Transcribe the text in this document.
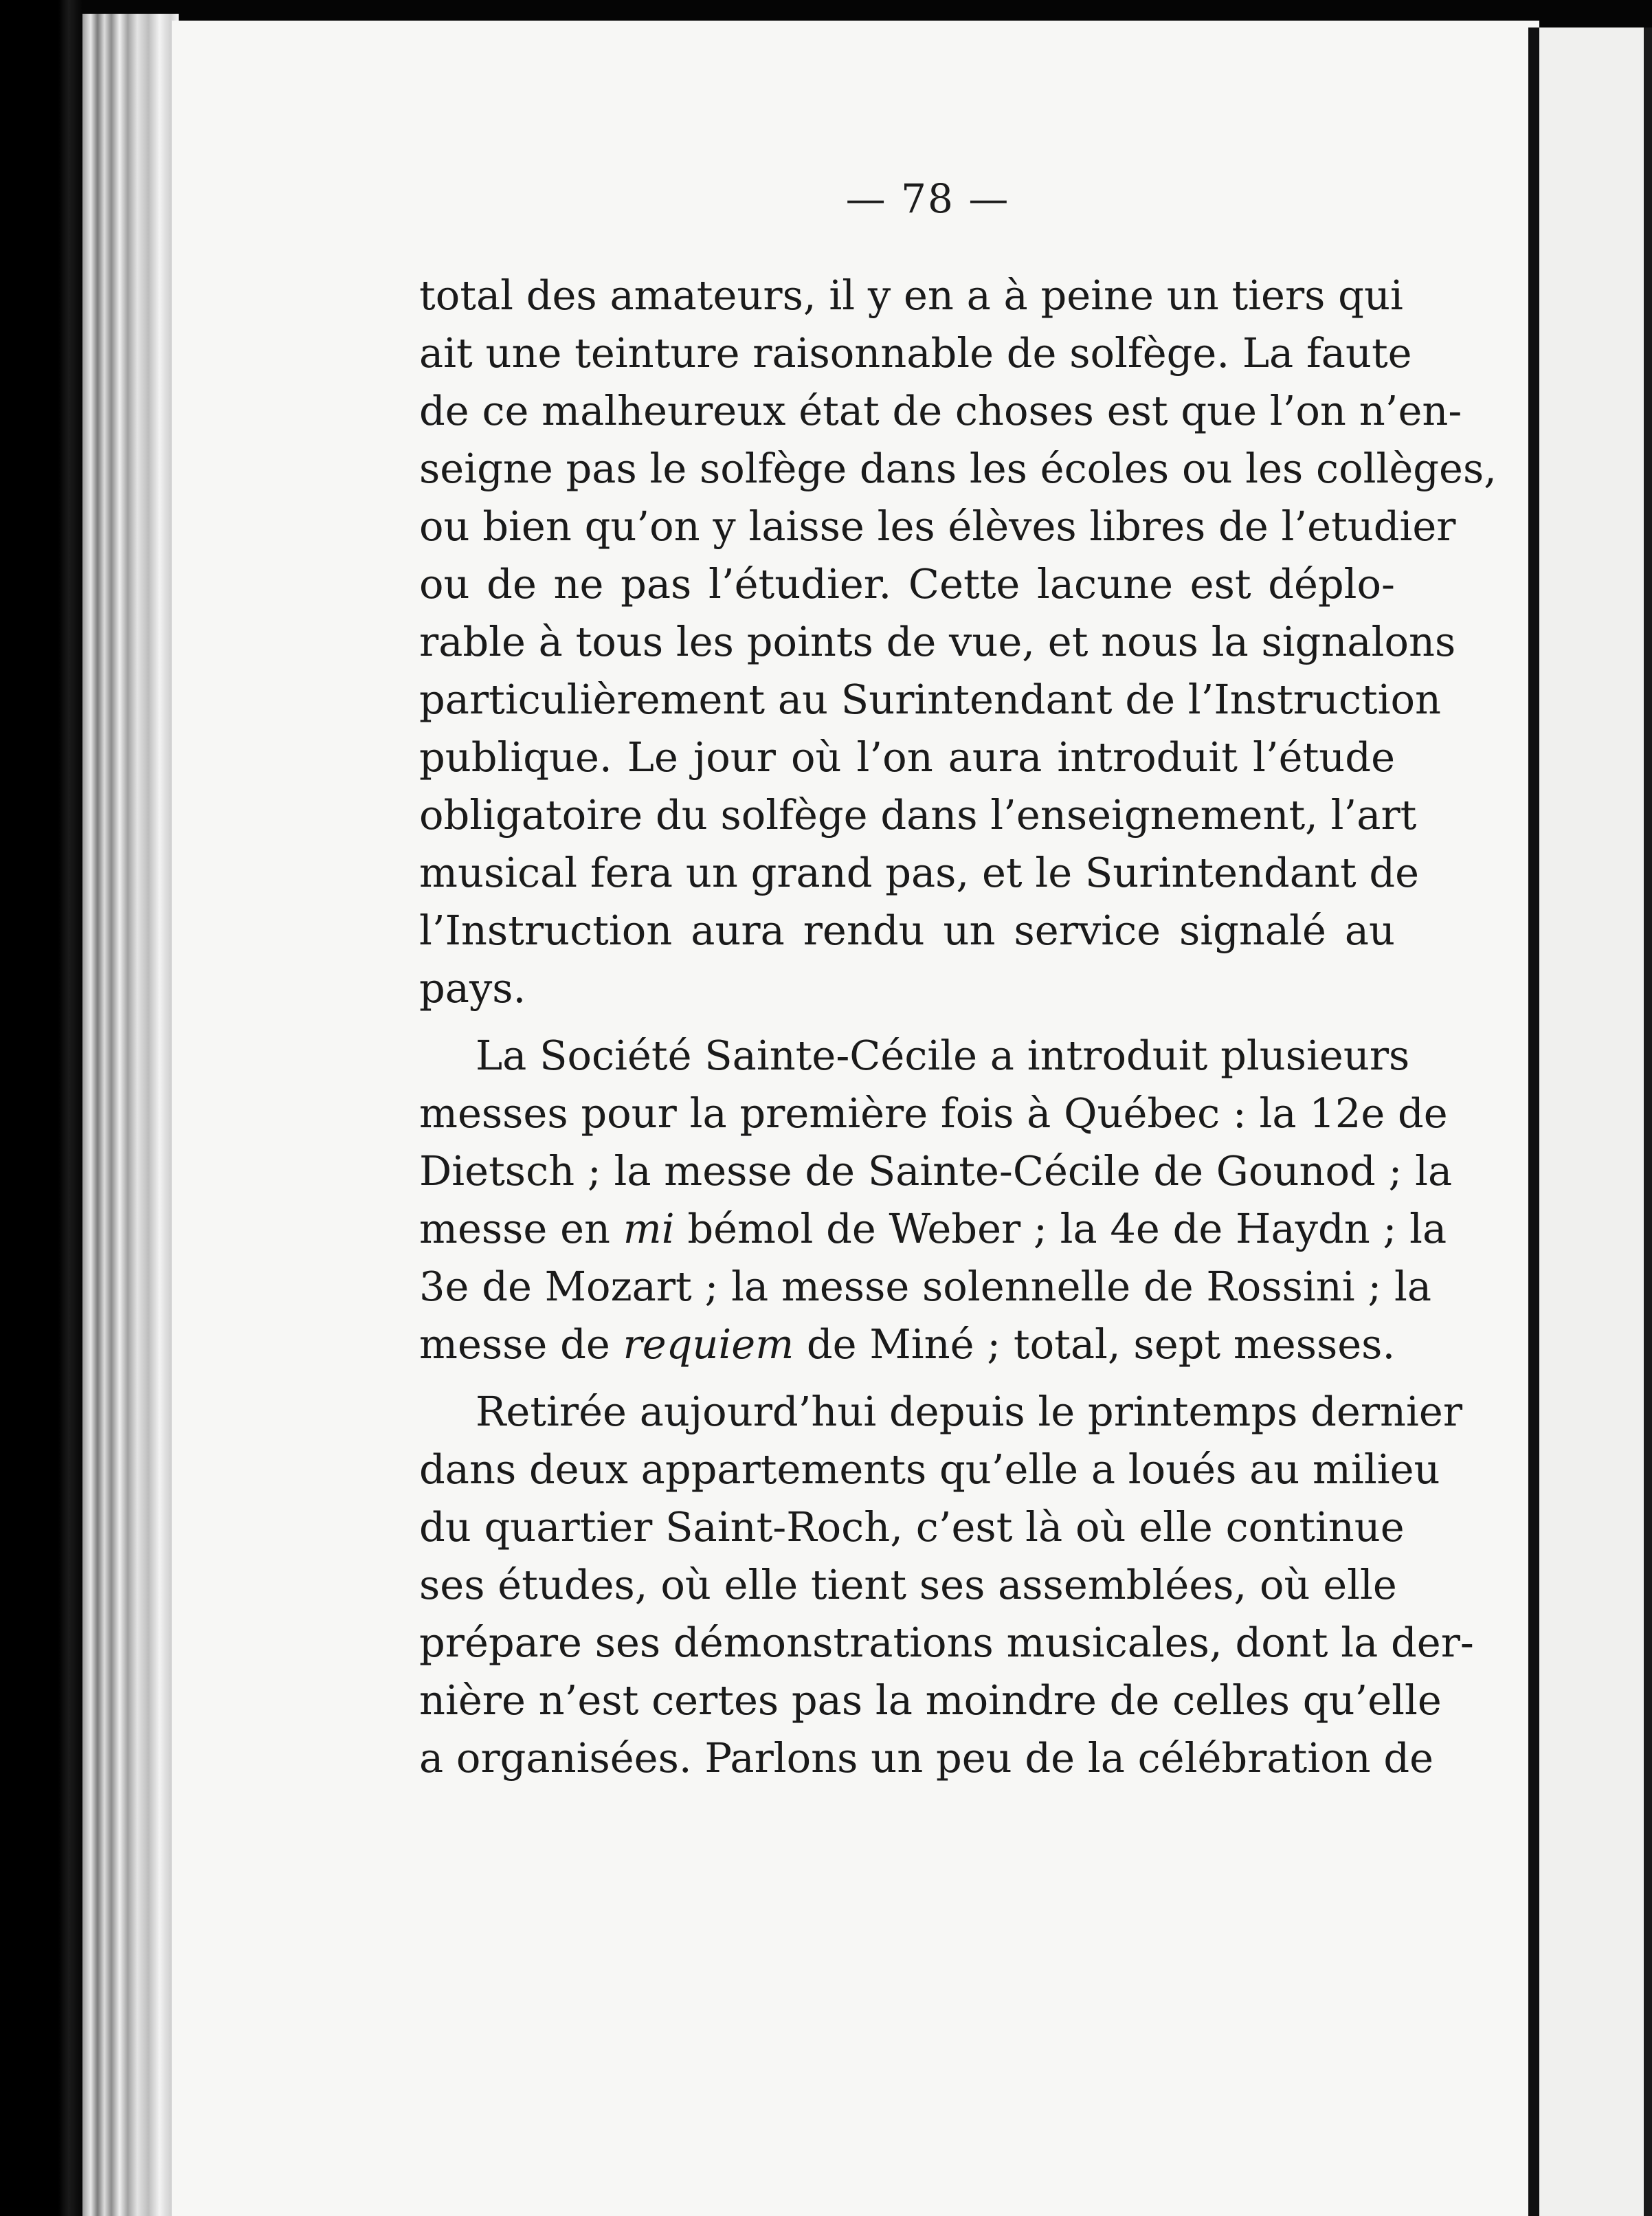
— 78 —
total des amateurs, il y en a à peine un tiers qui
ait une teinture raisonnable de solfège. La faute
de ce malheureux état de choses est que l’on n’en-
seigne pas le solfège dans les écoles ou les collèges,
ou bien qu’on y laisse les élèves libres de l’etudier
ou de ne pas l’étudier. Cette lacune est déplo-
rable à tous les points de vue, et nous la signalons
particulièrement au Surintendant de l’Instruction
publique. Le jour où l’on aura introduit l’étude
obligatoire du solfège dans l’enseignement, l’art
musical fera un grand pas, et le Surintendant de
l’Instruction aura rendu un service signalé au
pays.
La Société Sainte-Cécile a introduit plusieurs
messes pour la première fois à Québec : la 12e de
Dietsch ; la messe de Sainte-Cécile de Gounod ; la
messe en mi bémol de Weber ; la 4e de Haydn ; la
3e de Mozart ; la messe solennelle de Rossini ; la
messe de requiem de Miné ; total, sept messes.
Retirée aujourd’hui depuis le printemps dernier
dans deux appartements qu’elle a loués au milieu
du quartier Saint-Roch, c’est là où elle continue
ses études, où elle tient ses assemblées, où elle
prépare ses démonstrations musicales, dont la der-
nière n’est certes pas la moindre de celles qu’elle
a organisées. Parlons un peu de la célébration de
